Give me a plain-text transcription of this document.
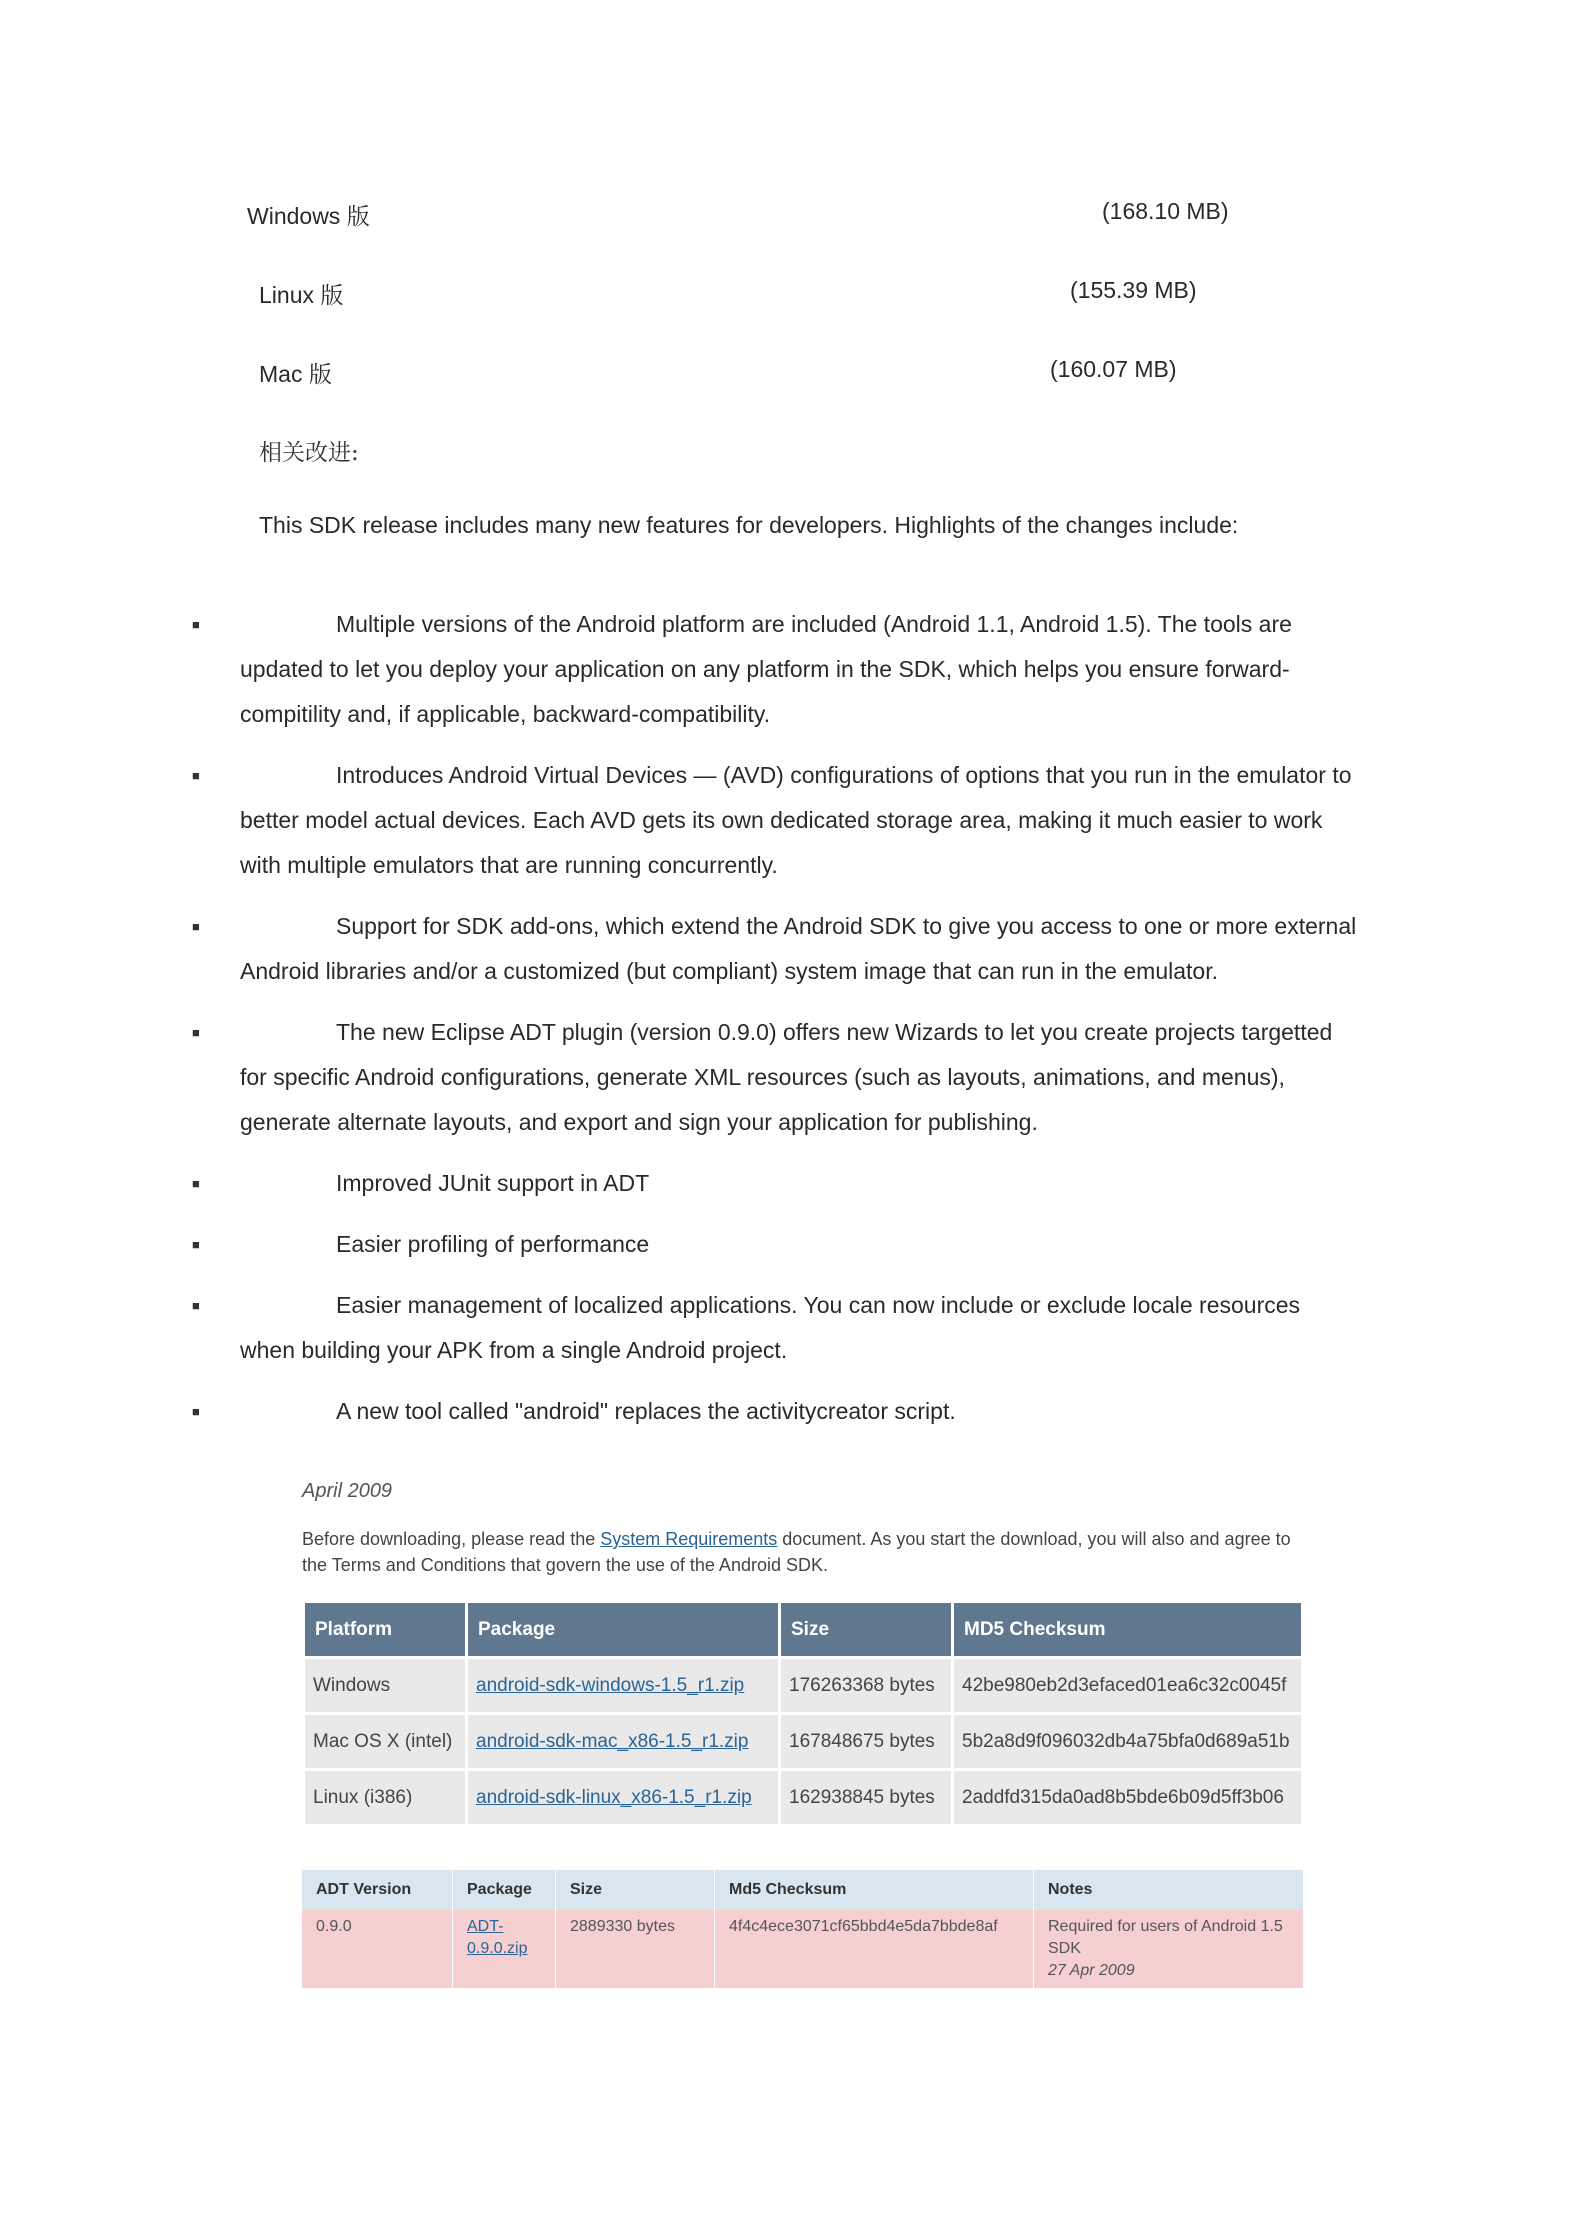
Windows 版	(168.10 MB)
Linux 版	(155.39 MB)
Mac 版	(160.07 MB)
相关改进:
This SDK release includes many new features for developers. Highlights of the changes include:
■	Multiple versions of the Android platform are included (Android 1.1, Android 1.5). The tools are updated to let you deploy your application on any platform in the SDK, which helps you ensure forward-compitility and, if applicable, backward-compatibility.
■	Introduces Android Virtual Devices — (AVD) configurations of options that you run in the emulator to better model actual devices. Each AVD gets its own dedicated storage area, making it much easier to work with multiple emulators that are running concurrently.
■	Support for SDK add-ons, which extend the Android SDK to give you access to one or more external Android libraries and/or a customized (but compliant) system image that can run in the emulator.
■	The new Eclipse ADT plugin (version 0.9.0) offers new Wizards to let you create projects targetted for specific Android configurations, generate XML resources (such as layouts, animations, and menus), generate alternate layouts, and export and sign your application for publishing.
■	Improved JUnit support in ADT
■	Easier profiling of performance
■	Easier management of localized applications. You can now include or exclude locale resources when building your APK from a single Android project.
■	A new tool called "android" replaces the activitycreator script.
April 2009
Before downloading, please read the System Requirements document. As you start the download, you will also and agree to the Terms and Conditions that govern the use of the Android SDK.
Platform	Package	Size	MD5 Checksum
Windows	android-sdk-windows-1.5_r1.zip	176263368 bytes	42be980eb2d3efaced01ea6c32c0045f
Mac OS X (intel)	android-sdk-mac_x86-1.5_r1.zip	167848675 bytes	5b2a8d9f096032db4a75bfa0d689a51b
Linux (i386)	android-sdk-linux_x86-1.5_r1.zip	162938845 bytes	2addfd315da0ad8b5bde6b09d5ff3b06
ADT Version	Package	Size	Md5 Checksum	Notes
0.9.0	ADT-0.9.0.zip	2889330 bytes	4f4c4ece3071cf65bbd4e5da7bbde8af	Required for users of Android 1.5 SDK
27 Apr 2009
